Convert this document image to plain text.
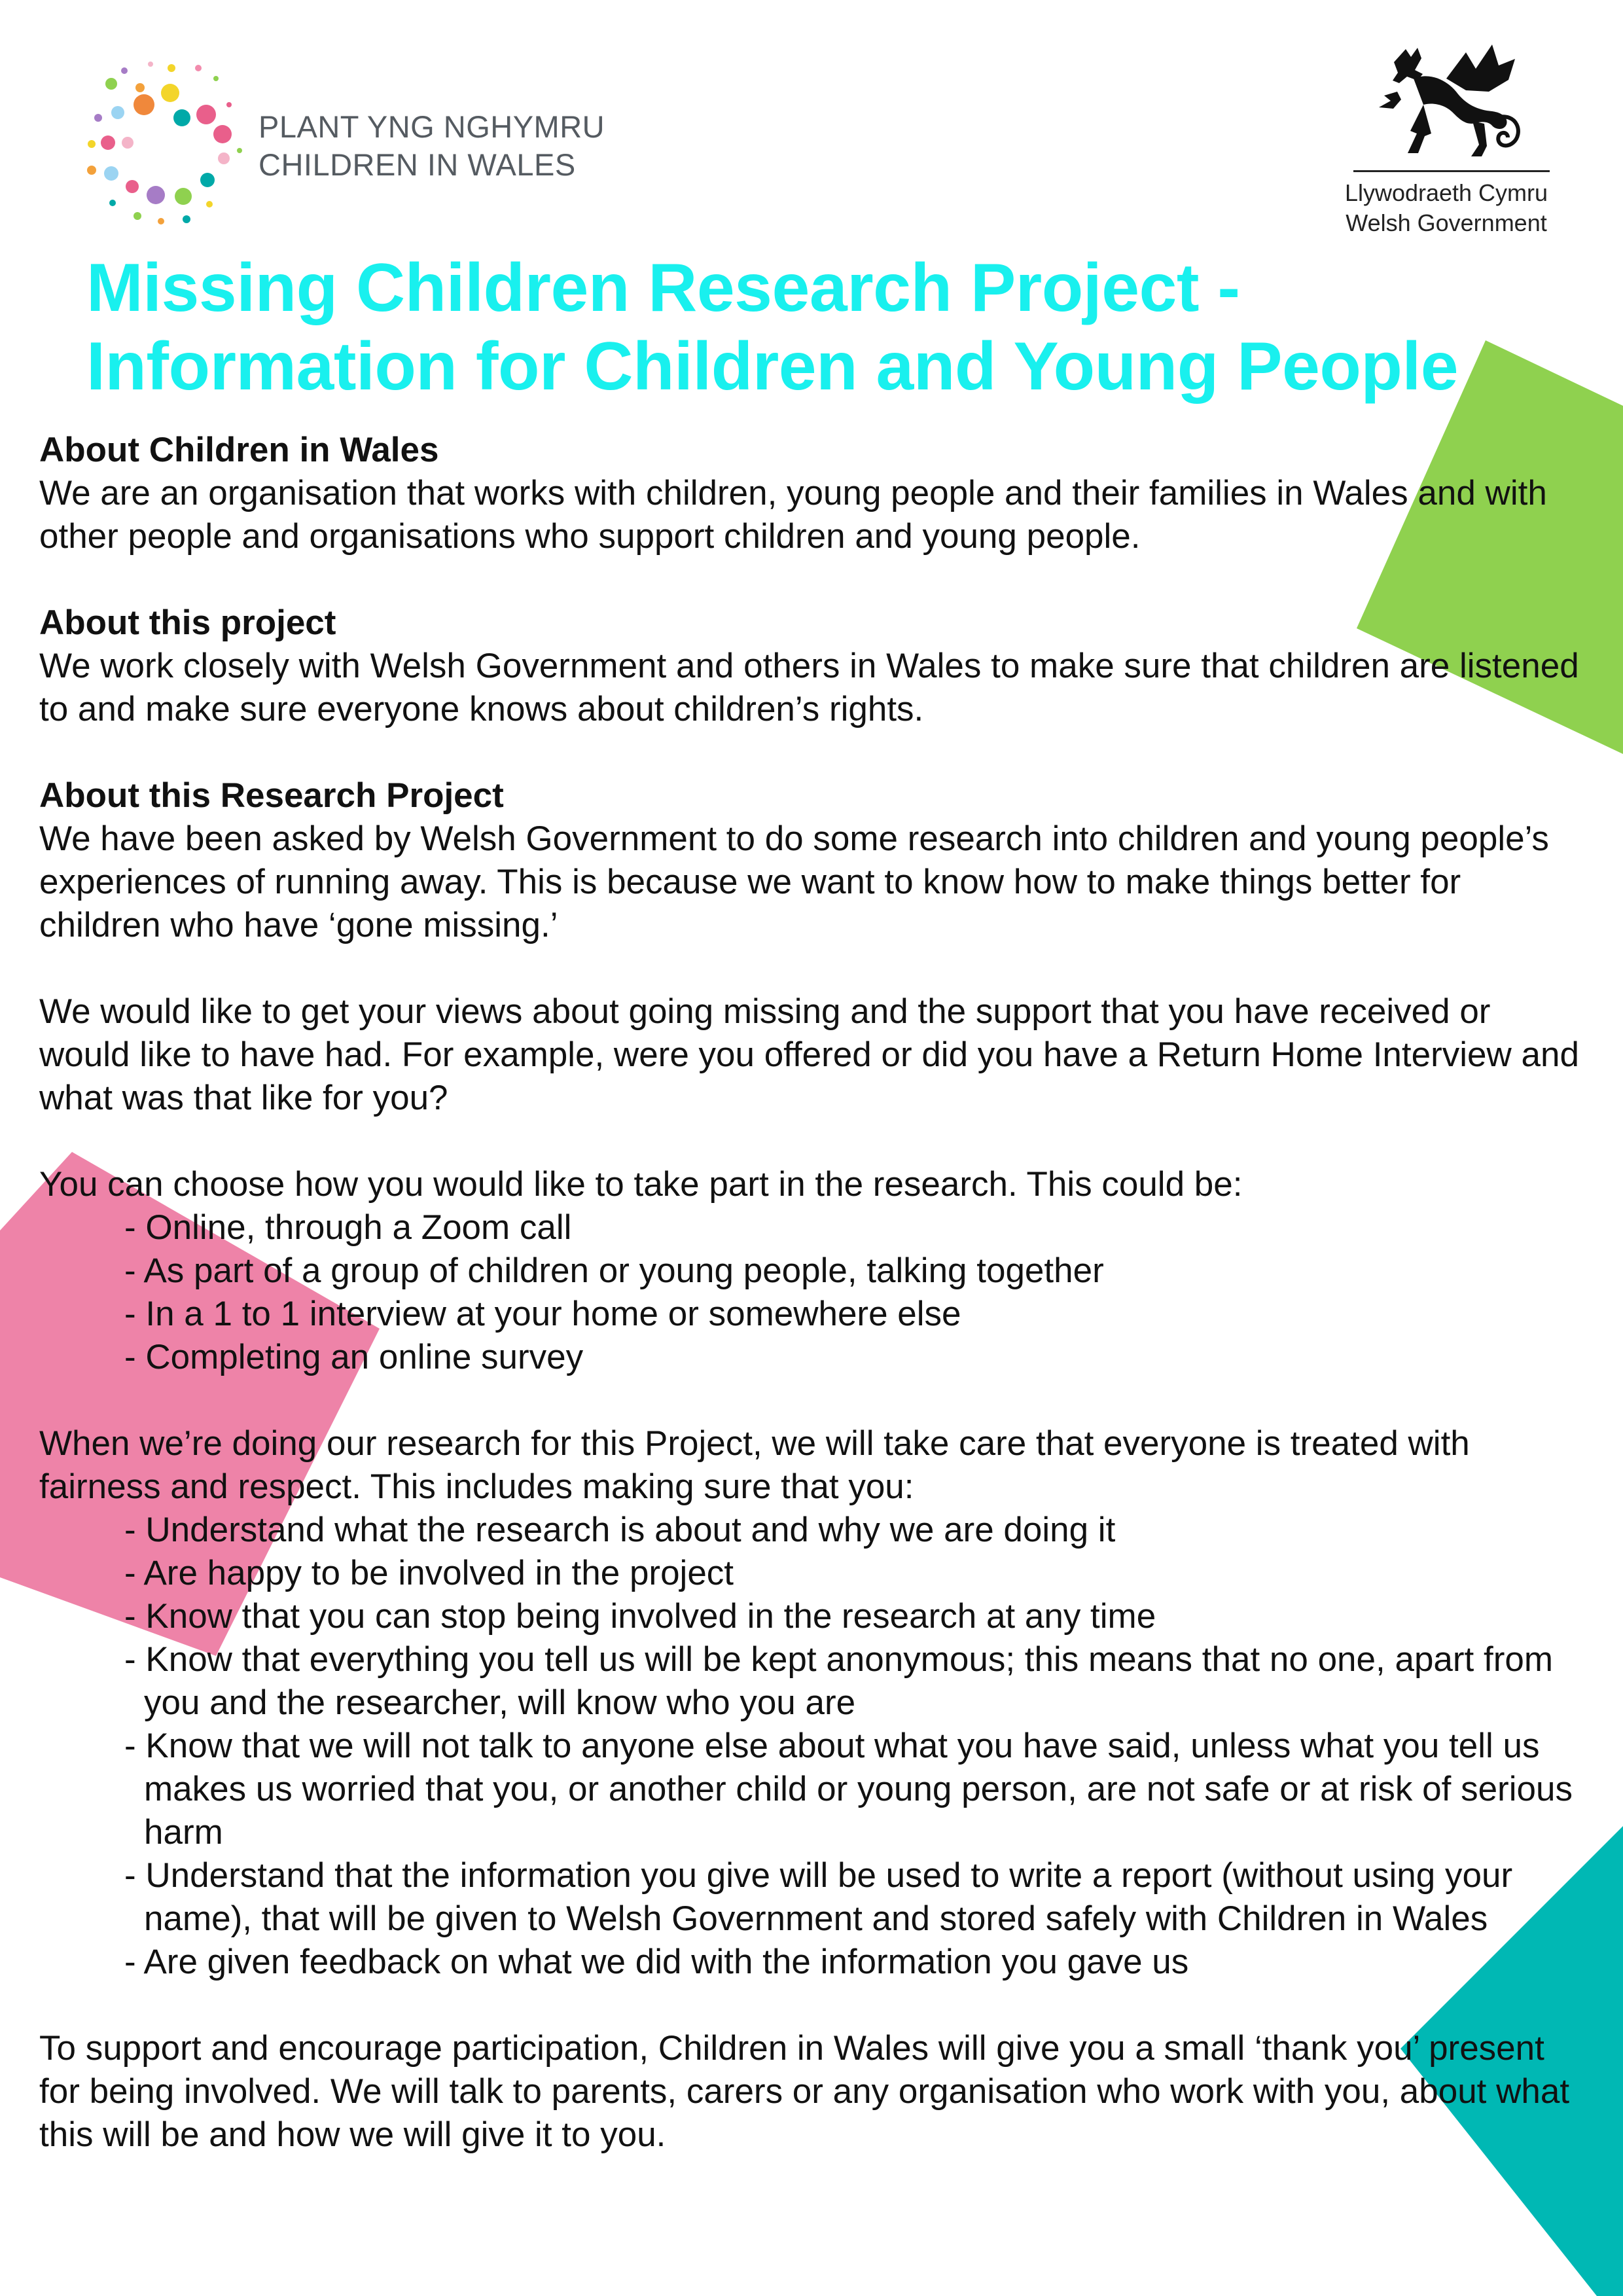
PLANT YNG NGHYMRU
CHILDREN IN WALES
Llywodraeth Cymru
Welsh Government
Missing Children Research Project -
Information for Children and Young People
About Children in Wales

We are an organisation that works with children, young people and their families in Wales and with other people and organisations who support children and young people.

About this project

We work closely with Welsh Government and others in Wales to make sure that children are listened to and make sure everyone knows about children’s rights.

About this Research Project

We have been asked by Welsh Government to do some research into children and young people’s experiences of running away. This is because we want to know how to make things better for children who have ‘gone missing.’

We would like to get your views about going missing and the support that you have received or would like to have had. For example, were you offered or did you have a Return Home Interview and what was that like for you?

You can choose how you would like to take part in the research. This could be:

- Online, through a Zoom call
- As part of a group of children or young people, talking together
- In a 1 to 1 interview at your home or somewhere else
- Completing an online survey

When we’re doing our research for this Project, we will take care that everyone is treated with fairness and respect. This includes making sure that you:

- Understand what the research is about and why we are doing it
- Are happy to be involved in the project
- Know that you can stop being involved in the research at any time
- Know that everything you tell us will be kept anonymous; this means that no one, apart from you and the researcher, will know who you are
- Know that we will not talk to anyone else about what you have said, unless what you tell us makes us worried that you, or another child or young person, are not safe or at risk of serious harm
- Understand that the information you give will be used to write a report (without using your name), that will be given to Welsh Government and stored safely with Children in Wales
- Are given feedback on what we did with the information you gave us

To support and encourage participation, Children in Wales will give you a small ‘thank you’ present for being involved. We will talk to parents, carers or any organisation who work with you, about what this will be and how we will give it to you.
